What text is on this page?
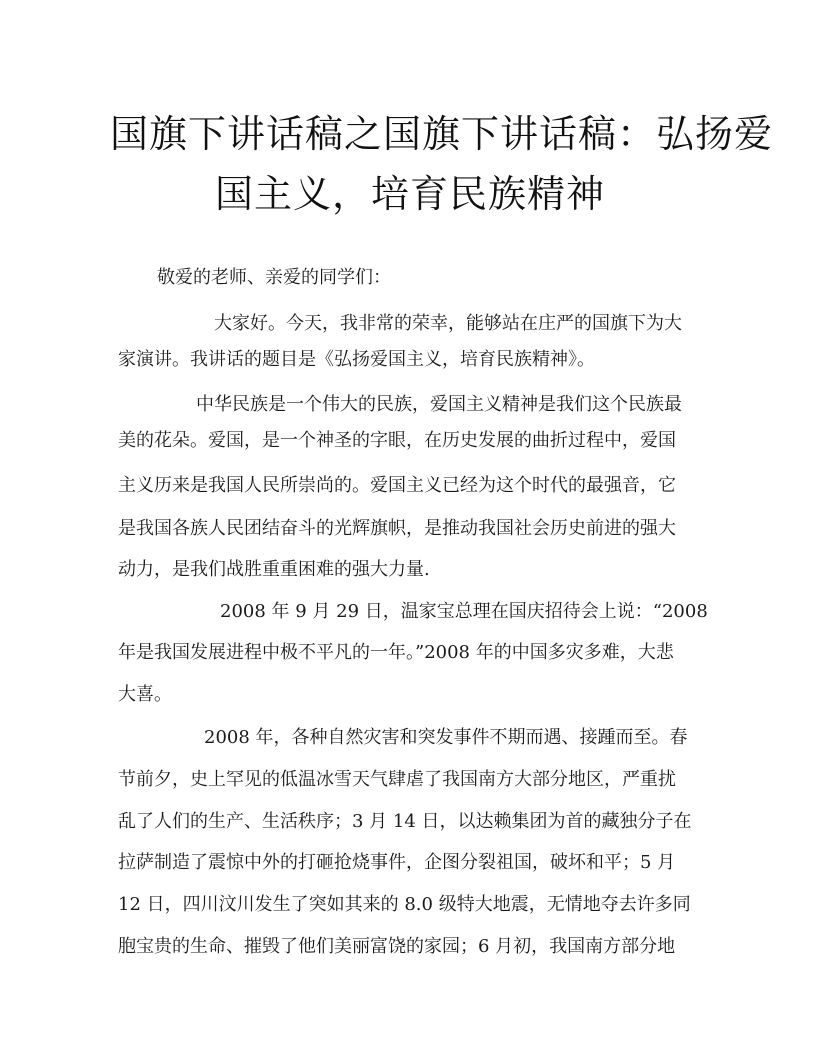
国旗下讲话稿之国旗下讲话稿：弘扬爱
国主义，培育民族精神
敬爱的老师、亲爱的同学们：
大家好。今天，我非常的荣幸，能够站在庄严的国旗下为大
家演讲。我讲话的题目是《弘扬爱国主义，培育民族精神》。
中华民族是一个伟大的民族，爱国主义精神是我们这个民族最
美的花朵。爱国，是一个神圣的字眼，在历史发展的曲折过程中，爱国
主义历来是我国人民所崇尚的。爱国主义已经为这个时代的最强音，它
是我国各族人民团结奋斗的光辉旗帜，是推动我国社会历史前进的强大
动力，是我们战胜重重困难的强大力量.
2008 年 9 月 29 日，温家宝总理在国庆招待会上说：“2008
年是我国发展进程中极不平凡的一年。”2008 年的中国多灾多难，大悲
大喜。
2008 年，各种自然灾害和突发事件不期而遇、接踵而至。春
节前夕，史上罕见的低温冰雪天气肆虐了我国南方大部分地区，严重扰
乱了人们的生产、生活秩序；3 月 14 日，以达赖集团为首的藏独分子在
拉萨制造了震惊中外的打砸抢烧事件，企图分裂祖国，破坏和平；5 月
12 日，四川汶川发生了突如其来的 8.0 级特大地震，无情地夺去许多同
胞宝贵的生命、摧毁了他们美丽富饶的家园；6 月初，我国南方部分地
